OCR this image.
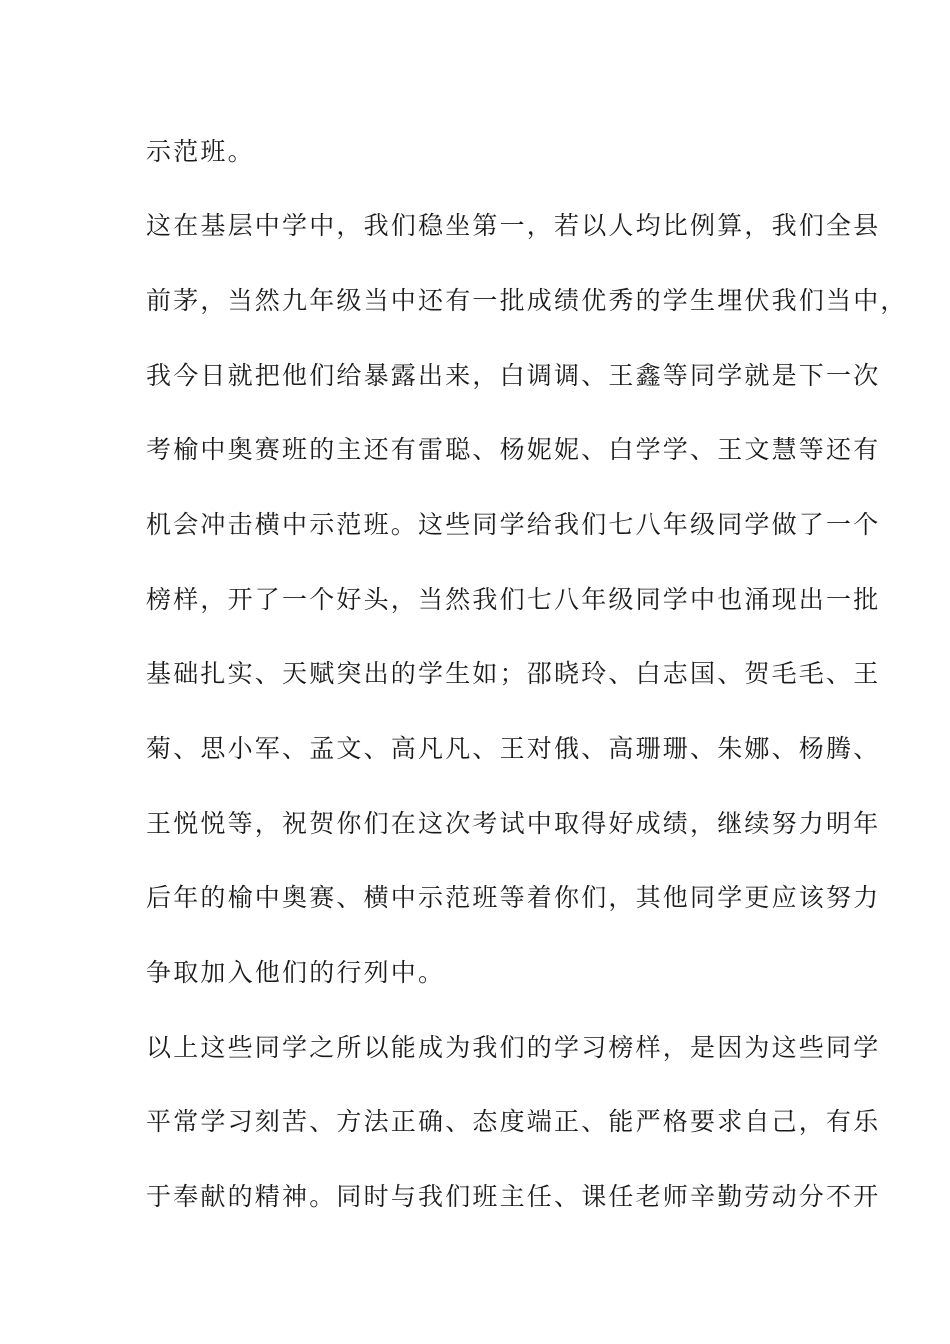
示范班。
这在基层中学中，我们稳坐第一，若以人均比例算，我们全县
前茅，当然九年级当中还有一批成绩优秀的学生埋伏我们当中，
我今日就把他们给暴露出来，白调调、王鑫等同学就是下一次
考榆中奥赛班的主还有雷聪、杨妮妮、白学学、王文慧等还有
机会冲击横中示范班。这些同学给我们七八年级同学做了一个
榜样，开了一个好头，当然我们七八年级同学中也涌现出一批
基础扎实、天赋突出的学生如；邵晓玲、白志国、贺毛毛、王
菊、思小军、孟文、高凡凡、王对俄、高珊珊、朱娜、杨腾、
王悦悦等，祝贺你们在这次考试中取得好成绩，继续努力明年
后年的榆中奥赛、横中示范班等着你们，其他同学更应该努力
争取加入他们的行列中。
以上这些同学之所以能成为我们的学习榜样，是因为这些同学
平常学习刻苦、方法正确、态度端正、能严格要求自己，有乐
于奉献的精神。同时与我们班主任、课任老师辛勤劳动分不开
